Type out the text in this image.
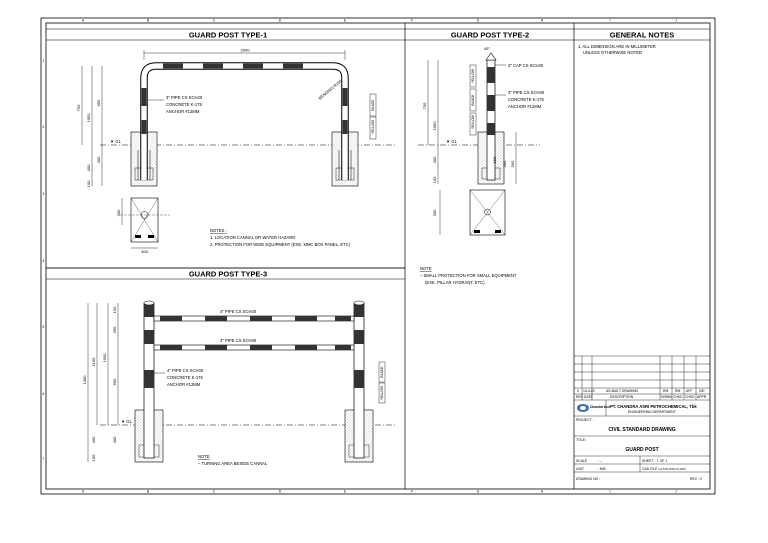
A	B	C	D	E	F	G	H	I	J
A	B	C	D	E	F	G	H	I	J
1
2
3
4
5
6
7
GUARD POST TYPE-1	GUARD POST TYPE-2	GENERAL NOTES
GUARD POST TYPE-3
2000
BENDING R150
750
1050
650
400
400
100
▼ GL
3" PIPE CS SCH40
CONCRETE K-175
ANCHOR #12MM
BLACK
YELLOW
300
300
NOTES :
1. LOCATION CANNAL OR WATER HAZARD
2. PROTECTION FOR WIDE EQUIPMENT (EXE. MMC BOX PANEL, ETC)
45°
YELLOW
BLACK
YELLOW
3" CAP CS SCH40
3" PIPE CS SCH40
CONCRETE K-175
ANCHOR #12MM
750
1050
400
100
▼ GL
500
300
150
300
NOTE
– SMALL PROTECTION FOR SMALL EQUIPMENT
(EXE. PILLAR HYDRANT, ETC)
4" PIPE CS SCH40
4" PIPE CS SCH40
4" PIPE CS SCH40
CONCRETE K-175
ANCHOR #12MM
BLACK
YELLOW
1400
1100 1000
250
150
600
400	400
100
▼ GL
NOTE
– TURNING AREA BESIDE CANNAL
1. ALL DIMENSION ARE IN MILLIMETER
UNLESS OTHERWISE NOTED
0 14-4-24	AS-BUILT DRAWING	RM RM AFF DIE
REV DATE	DESCRIPTION	DRWN CHKD CHKD APPR
Chandra Asri PT. CHANDRA ASRI PETROCHEMICAL, Tbk
ENGINEERING DEPARTMENT
PROJECT :
CIVIL STANDARD DRAWING
TITLE :
GUARD POST
SCALE	: --	SHEET : 1 OF 1
UNIT	: MM	CAD FILE : CA-STD-0000-CV-0000
DRAWING NO :	REV : 0
